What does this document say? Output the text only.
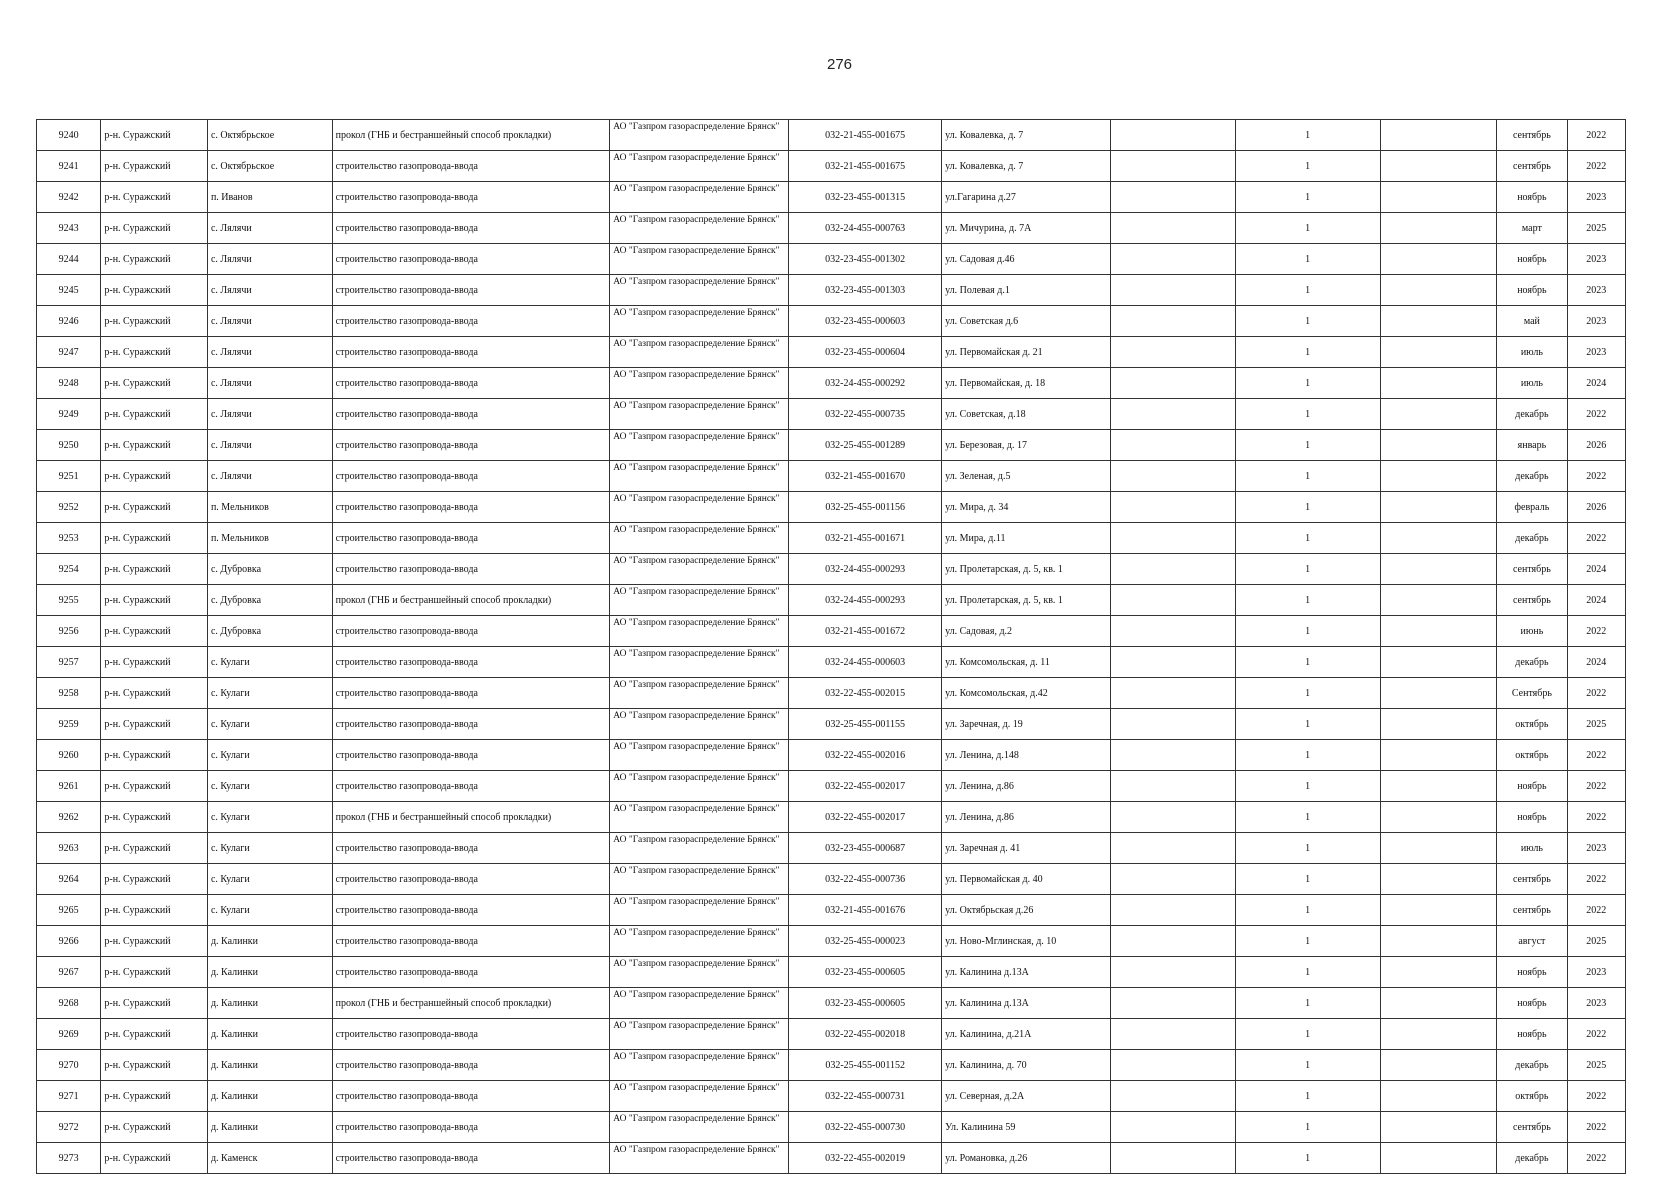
276
9240	р-н. Суражский	с. Октябрьское	прокол (ГНБ и бестраншейный способ прокладки)	АО "Газпром газораспределение Брянск"	032-21-455-001675	ул. Ковалевка, д. 7		1		сентябрь	2022
9241	р-н. Суражский	с. Октябрьское	строительство газопровода-ввода	АО "Газпром газораспределение Брянск"	032-21-455-001675	ул. Ковалевка, д. 7		1		сентябрь	2022
9242	р-н. Суражский	п. Иванов	строительство газопровода-ввода	АО "Газпром газораспределение Брянск"	032-23-455-001315	ул.Гагарина д.27		1		ноябрь	2023
9243	р-н. Суражский	с. Лялячи	строительство газопровода-ввода	АО "Газпром газораспределение Брянск"	032-24-455-000763	ул. Мичурина, д. 7А		1		март	2025
9244	р-н. Суражский	с. Лялячи	строительство газопровода-ввода	АО "Газпром газораспределение Брянск"	032-23-455-001302	ул. Садовая д.46		1		ноябрь	2023
9245	р-н. Суражский	с. Лялячи	строительство газопровода-ввода	АО "Газпром газораспределение Брянск"	032-23-455-001303	ул. Полевая д.1		1		ноябрь	2023
9246	р-н. Суражский	с. Лялячи	строительство газопровода-ввода	АО "Газпром газораспределение Брянск"	032-23-455-000603	ул. Советская д.6		1		май	2023
9247	р-н. Суражский	с. Лялячи	строительство газопровода-ввода	АО "Газпром газораспределение Брянск"	032-23-455-000604	ул. Первомайская д. 21		1		июль	2023
9248	р-н. Суражский	с. Лялячи	строительство газопровода-ввода	АО "Газпром газораспределение Брянск"	032-24-455-000292	ул. Первомайская, д. 18		1		июль	2024
9249	р-н. Суражский	с. Лялячи	строительство газопровода-ввода	АО "Газпром газораспределение Брянск"	032-22-455-000735	ул. Советская, д.18		1		декабрь	2022
9250	р-н. Суражский	с. Лялячи	строительство газопровода-ввода	АО "Газпром газораспределение Брянск"	032-25-455-001289	ул. Березовая, д. 17		1		январь	2026
9251	р-н. Суражский	с. Лялячи	строительство газопровода-ввода	АО "Газпром газораспределение Брянск"	032-21-455-001670	ул. Зеленая, д.5		1		декабрь	2022
9252	р-н. Суражский	п. Мельников	строительство газопровода-ввода	АО "Газпром газораспределение Брянск"	032-25-455-001156	ул. Мира, д. 34		1		февраль	2026
9253	р-н. Суражский	п. Мельников	строительство газопровода-ввода	АО "Газпром газораспределение Брянск"	032-21-455-001671	ул. Мира, д.11		1		декабрь	2022
9254	р-н. Суражский	с. Дубровка	строительство газопровода-ввода	АО "Газпром газораспределение Брянск"	032-24-455-000293	ул. Пролетарская, д. 5, кв. 1		1		сентябрь	2024
9255	р-н. Суражский	с. Дубровка	прокол (ГНБ и бестраншейный способ прокладки)	АО "Газпром газораспределение Брянск"	032-24-455-000293	ул. Пролетарская, д. 5, кв. 1		1		сентябрь	2024
9256	р-н. Суражский	с. Дубровка	строительство газопровода-ввода	АО "Газпром газораспределение Брянск"	032-21-455-001672	ул. Садовая, д.2		1		июнь	2022
9257	р-н. Суражский	с. Кулаги	строительство газопровода-ввода	АО "Газпром газораспределение Брянск"	032-24-455-000603	ул. Комсомольская, д. 11		1		декабрь	2024
9258	р-н. Суражский	с. Кулаги	строительство газопровода-ввода	АО "Газпром газораспределение Брянск"	032-22-455-002015	ул. Комсомольская, д.42		1		Сентябрь	2022
9259	р-н. Суражский	с. Кулаги	строительство газопровода-ввода	АО "Газпром газораспределение Брянск"	032-25-455-001155	ул. Заречная, д. 19		1		октябрь	2025
9260	р-н. Суражский	с. Кулаги	строительство газопровода-ввода	АО "Газпром газораспределение Брянск"	032-22-455-002016	ул. Ленина, д.148		1		октябрь	2022
9261	р-н. Суражский	с. Кулаги	строительство газопровода-ввода	АО "Газпром газораспределение Брянск"	032-22-455-002017	ул. Ленина, д.86		1		ноябрь	2022
9262	р-н. Суражский	с. Кулаги	прокол (ГНБ и бестраншейный способ прокладки)	АО "Газпром газораспределение Брянск"	032-22-455-002017	ул. Ленина, д.86		1		ноябрь	2022
9263	р-н. Суражский	с. Кулаги	строительство газопровода-ввода	АО "Газпром газораспределение Брянск"	032-23-455-000687	ул. Заречная д. 41		1		июль	2023
9264	р-н. Суражский	с. Кулаги	строительство газопровода-ввода	АО "Газпром газораспределение Брянск"	032-22-455-000736	ул. Первомайская д. 40		1		сентябрь	2022
9265	р-н. Суражский	с. Кулаги	строительство газопровода-ввода	АО "Газпром газораспределение Брянск"	032-21-455-001676	ул. Октябрьская д.26		1		сентябрь	2022
9266	р-н. Суражский	д. Калинки	строительство газопровода-ввода	АО "Газпром газораспределение Брянск"	032-25-455-000023	ул. Ново-Мглинская, д. 10		1		август	2025
9267	р-н. Суражский	д. Калинки	строительство газопровода-ввода	АО "Газпром газораспределение Брянск"	032-23-455-000605	ул. Калинина д.13А		1		ноябрь	2023
9268	р-н. Суражский	д. Калинки	прокол (ГНБ и бестраншейный способ прокладки)	АО "Газпром газораспределение Брянск"	032-23-455-000605	ул. Калинина д.13А		1		ноябрь	2023
9269	р-н. Суражский	д. Калинки	строительство газопровода-ввода	АО "Газпром газораспределение Брянск"	032-22-455-002018	ул. Калинина, д.21А		1		ноябрь	2022
9270	р-н. Суражский	д. Калинки	строительство газопровода-ввода	АО "Газпром газораспределение Брянск"	032-25-455-001152	ул. Калинина, д. 70		1		декабрь	2025
9271	р-н. Суражский	д. Калинки	строительство газопровода-ввода	АО "Газпром газораспределение Брянск"	032-22-455-000731	ул. Северная, д.2А		1		октябрь	2022
9272	р-н. Суражский	д. Калинки	строительство газопровода-ввода	АО "Газпром газораспределение Брянск"	032-22-455-000730	Ул. Калинина 59		1		сентябрь	2022
9273	р-н. Суражский	д. Каменск	строительство газопровода-ввода	АО "Газпром газораспределение Брянск"	032-22-455-002019	ул. Романовка, д.26		1		декабрь	2022
